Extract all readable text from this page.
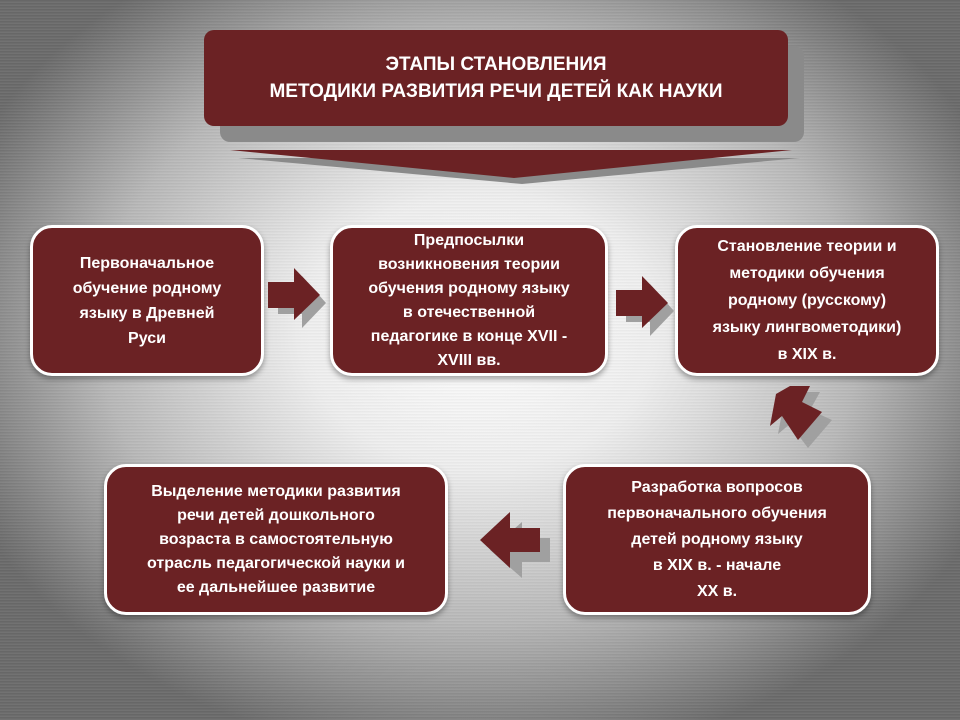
ЭТАПЫ СТАНОВЛЕНИЯ
МЕТОДИКИ РАЗВИТИЯ РЕЧИ ДЕТЕЙ КАК НАУКИ
Первоначальное
обучение родному
языку в Древней
Руси
Предпосылки
возникновения теории
обучения родному языку
в отечественной
педагогике в конце XVII -
XVIII вв.
Становление теории и
методики обучения
родному (русскому)
языку лингвометодики)
в XIX в.
Разработка вопросов
первоначального обучения
детей родному языку
в XIX в. - начале
XX в.
Выделение методики развития
речи детей дошкольного
возраста в самостоятельную
отрасль педагогической науки и
ее дальнейшее развитие
